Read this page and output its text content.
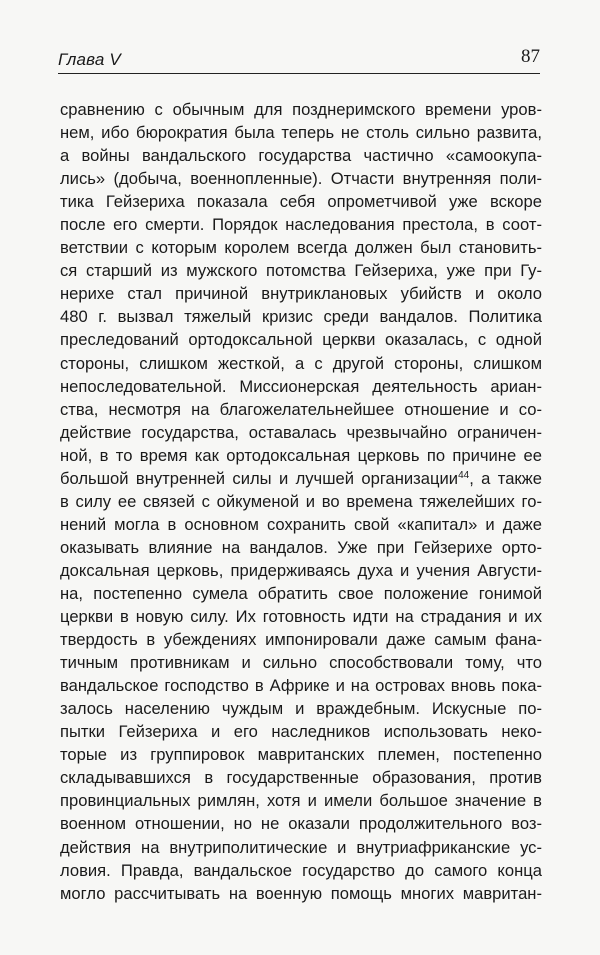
Глава V	87
сравнению с обычным для позднеримского времени уров-
нем, ибо бюрократия была теперь не столь сильно развита,
а войны вандальского государства частично «самоокупа-
лись» (добыча, военнопленные). Отчасти внутренняя поли-
тика Гейзериха показала себя опрометчивой уже вскоре
после его смерти. Порядок наследования престола, в соот-
ветствии с которым королем всегда должен был становить-
ся старший из мужского потомства Гейзериха, уже при Гу-
нерихе стал причиной внутриклановых убийств и около
480 г. вызвал тяжелый кризис среди вандалов. Политика
преследований ортодоксальной церкви оказалась, с одной
стороны, слишком жесткой, а с другой стороны, слишком
непоследовательной. Миссионерская деятельность ариан-
ства, несмотря на благожелательнейшее отношение и со-
действие государства, оставалась чрезвычайно ограничен-
ной, в то время как ортодоксальная церковь по причине ее
большой внутренней силы и лучшей организации$^{44}$, а также
в силу ее связей с ойкуменой и во времена тяжелейших го-
нений могла в основном сохранить свой «капитал» и даже
оказывать влияние на вандалов. Уже при Гейзерихе орто-
доксальная церковь, придерживаясь духа и учения Августи-
на, постепенно сумела обратить свое положение гонимой
церкви в новую силу. Их готовность идти на страдания и их
твердость в убеждениях импонировали даже самым фана-
тичным противникам и сильно способствовали тому, что
вандальское господство в Африке и на островах вновь пока-
залось населению чуждым и враждебным. Искусные по-
пытки Гейзериха и его наследников использовать неко-
торые из группировок мавританских племен, постепенно
складывавшихся в государственные образования, против
провинциальных римлян, хотя и имели большое значение в
военном отношении, но не оказали продолжительного воз-
действия на внутриполитические и внутриафриканские ус-
ловия. Правда, вандальское государство до самого конца
могло рассчитывать на военную помощь многих мавритан-
